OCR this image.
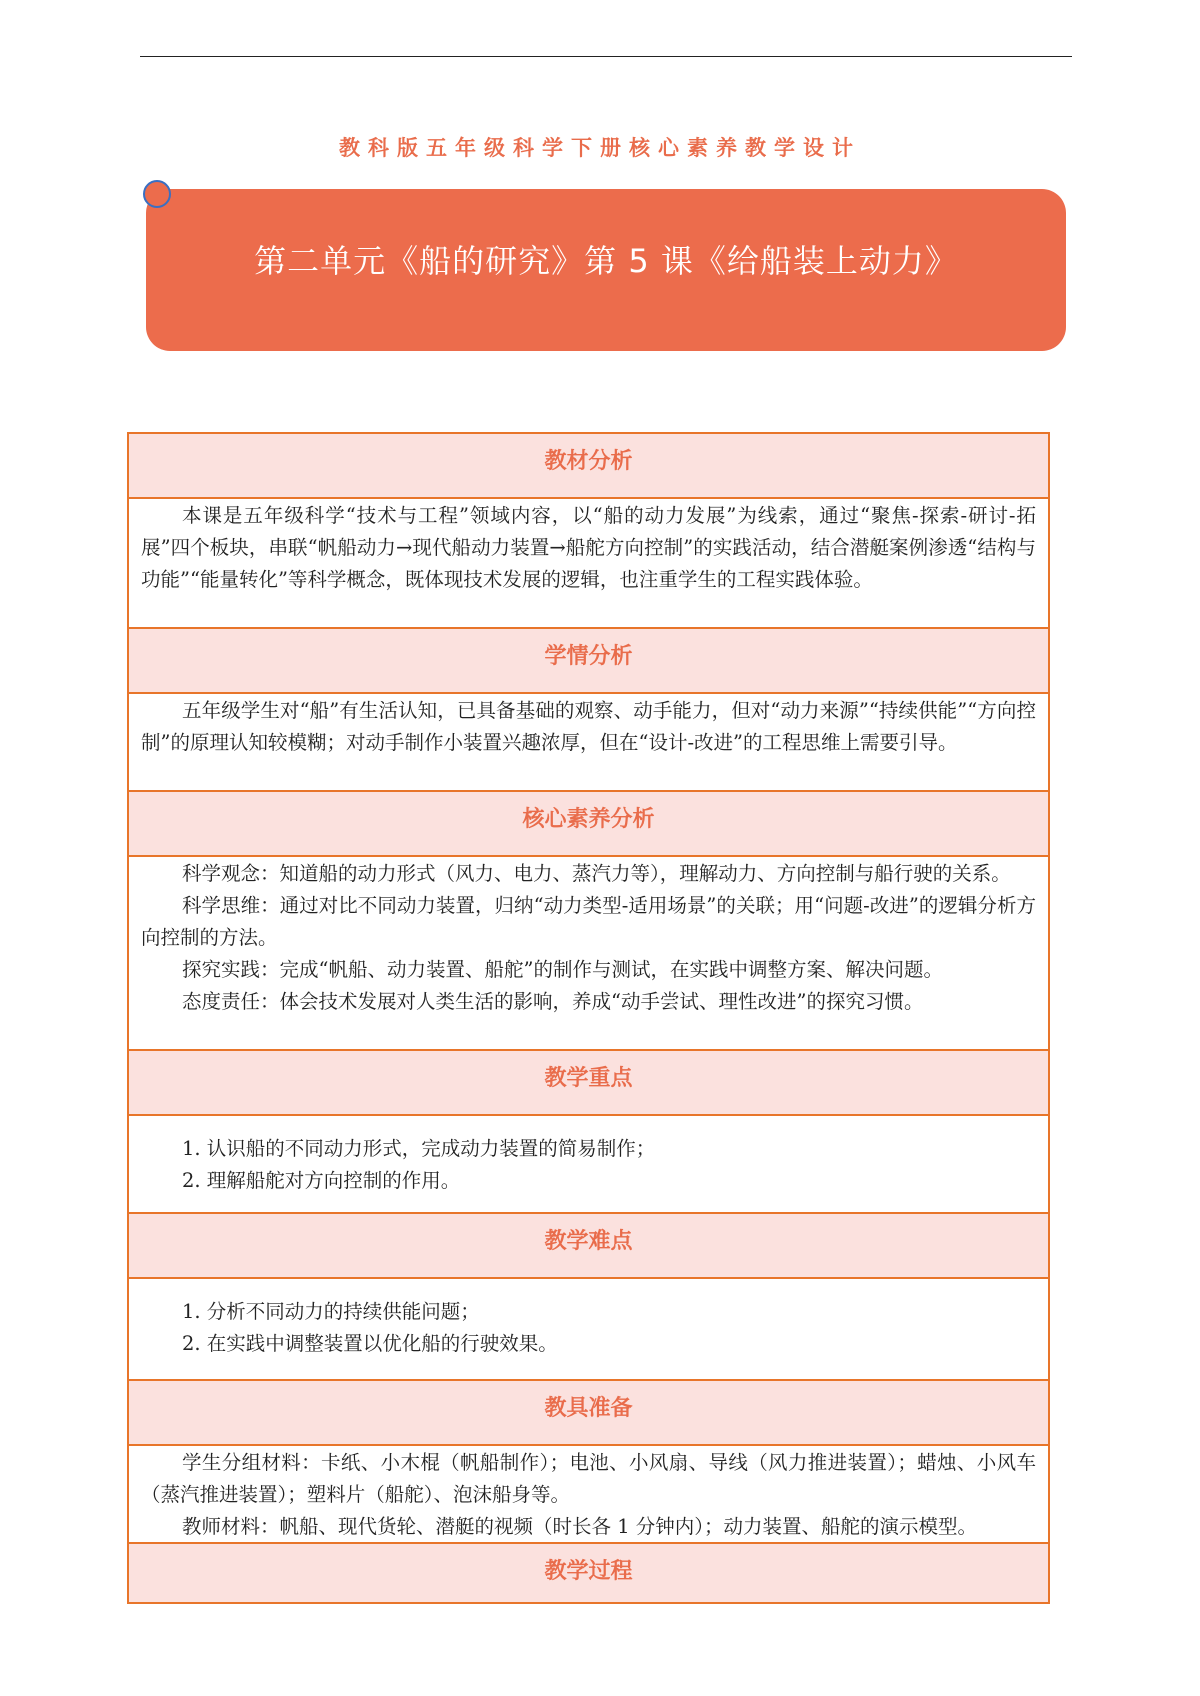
教科版五年级科学下册核心素养教学设计
第二单元《船的研究》第 5 课《给船装上动力》
教材分析

本课是五年级科学“技术与工程”领域内容，以“船的动力发展”为线索，通过“聚焦-探索-研讨-拓展”四个板块，串联“帆船动力→现代船动力装置→船舵方向控制”的实践活动，结合潜艇案例渗透“结构与功能”“能量转化”等科学概念，既体现技术发展的逻辑，也注重学生的工程实践体验。

学情分析

五年级学生对“船”有生活认知，已具备基础的观察、动手能力，但对“动力来源”“持续供能”“方向控制”的原理认知较模糊；对动手制作小装置兴趣浓厚，但在“设计-改进”的工程思维上需要引导。

核心素养分析

科学观念：知道船的动力形式（风力、电力、蒸汽力等），理解动力、方向控制与船行驶的关系。

科学思维：通过对比不同动力装置，归纳“动力类型-适用场景”的关联；用“问题-改进”的逻辑分析方向控制的方法。

探究实践：完成“帆船、动力装置、船舵”的制作与测试，在实践中调整方案、解决问题。

态度责任：体会技术发展对人类生活的影响，养成“动手尝试、理性改进”的探究习惯。

教学重点
1. 认识船的不同动力形式，完成动力装置的简易制作；
2. 理解船舵对方向控制的作用。
教学难点
1. 分析不同动力的持续供能问题；
2. 在实践中调整装置以优化船的行驶效果。
教具准备

学生分组材料：卡纸、小木棍（帆船制作）；电池、小风扇、导线（风力推进装置）；蜡烛、小风车（蒸汽推进装置）；塑料片（船舵）、泡沫船身等。

教师材料：帆船、现代货轮、潜艇的视频（时长各 1 分钟内）；动力装置、船舵的演示模型。

教学过程
